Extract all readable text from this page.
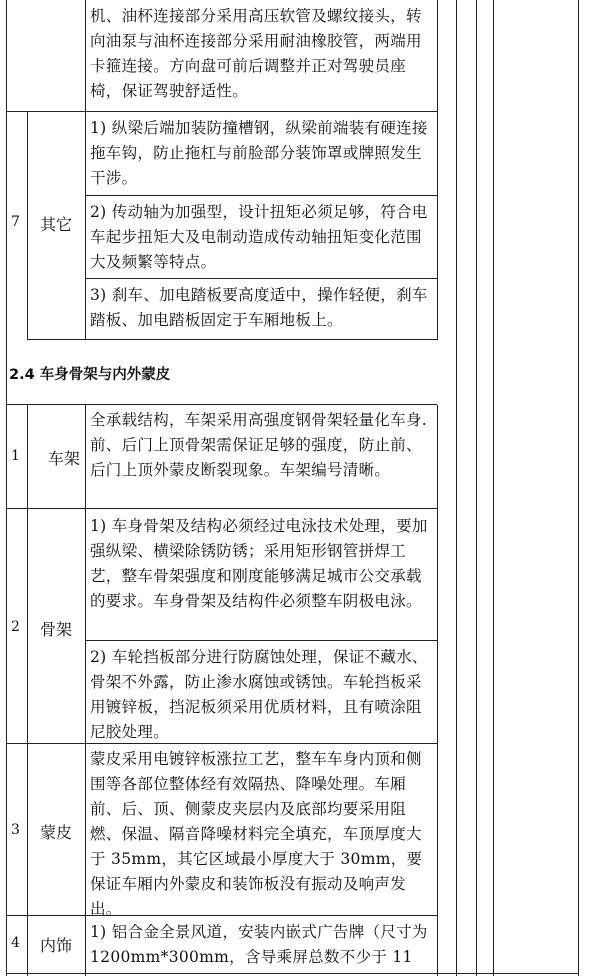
机、油杯连接部分采用高压软管及螺纹接头，转向油泵与油杯连接部分采用耐油橡胶管，两端用卡箍连接。方向盘可前后调整并正对驾驶员座椅，保证驾驶舒适性。
7 其它
1) 纵梁后端加装防撞槽钢，纵梁前端装有硬连接拖车钩，防止拖杠与前脸部分装饰罩或牌照发生干涉。
2) 传动轴为加强型，设计扭矩必须足够，符合电车起步扭矩大及电制动造成传动轴扭矩变化范围大及频繁等特点。
3) 刹车、加电踏板要高度适中，操作轻便，刹车踏板、加电踏板固定于车厢地板上。
2.4 车身骨架与内外蒙皮
1 车架
全承载结构，车架采用高强度钢骨架轻量化车身. 前、后门上顶骨架需保证足够的强度，防止前、后门上顶外蒙皮断裂现象。车架编号清晰。
2 骨架
1) 车身骨架及结构必须经过电泳技术处理，要加强纵梁、横梁除锈防锈；采用矩形钢管拼焊工艺，整车骨架强度和刚度能够满足城市公交承载的要求。车身骨架及结构件必须整车阴极电泳。
2) 车轮挡板部分进行防腐蚀处理，保证不藏水、骨架不外露，防止渗水腐蚀或锈蚀。车轮挡板采用镀锌板，挡泥板须采用优质材料，且有喷涂阻尼胶处理。
3 蒙皮
蒙皮采用电镀锌板涨拉工艺，整车车身内顶和侧围等各部位整体经有效隔热、降噪处理。车厢前、后、顶、侧蒙皮夹层内及底部均要采用阻燃、保温、隔音降噪材料完全填充，车顶厚度大于 35mm，其它区域最小厚度大于 30mm，要保证车厢内外蒙皮和装饰板没有振动及响声发出。
4 内饰
1) 铝合金全景风道，安装内嵌式广告牌（尺寸为 1200mm*300mm，含导乘屏总数不少于 11
